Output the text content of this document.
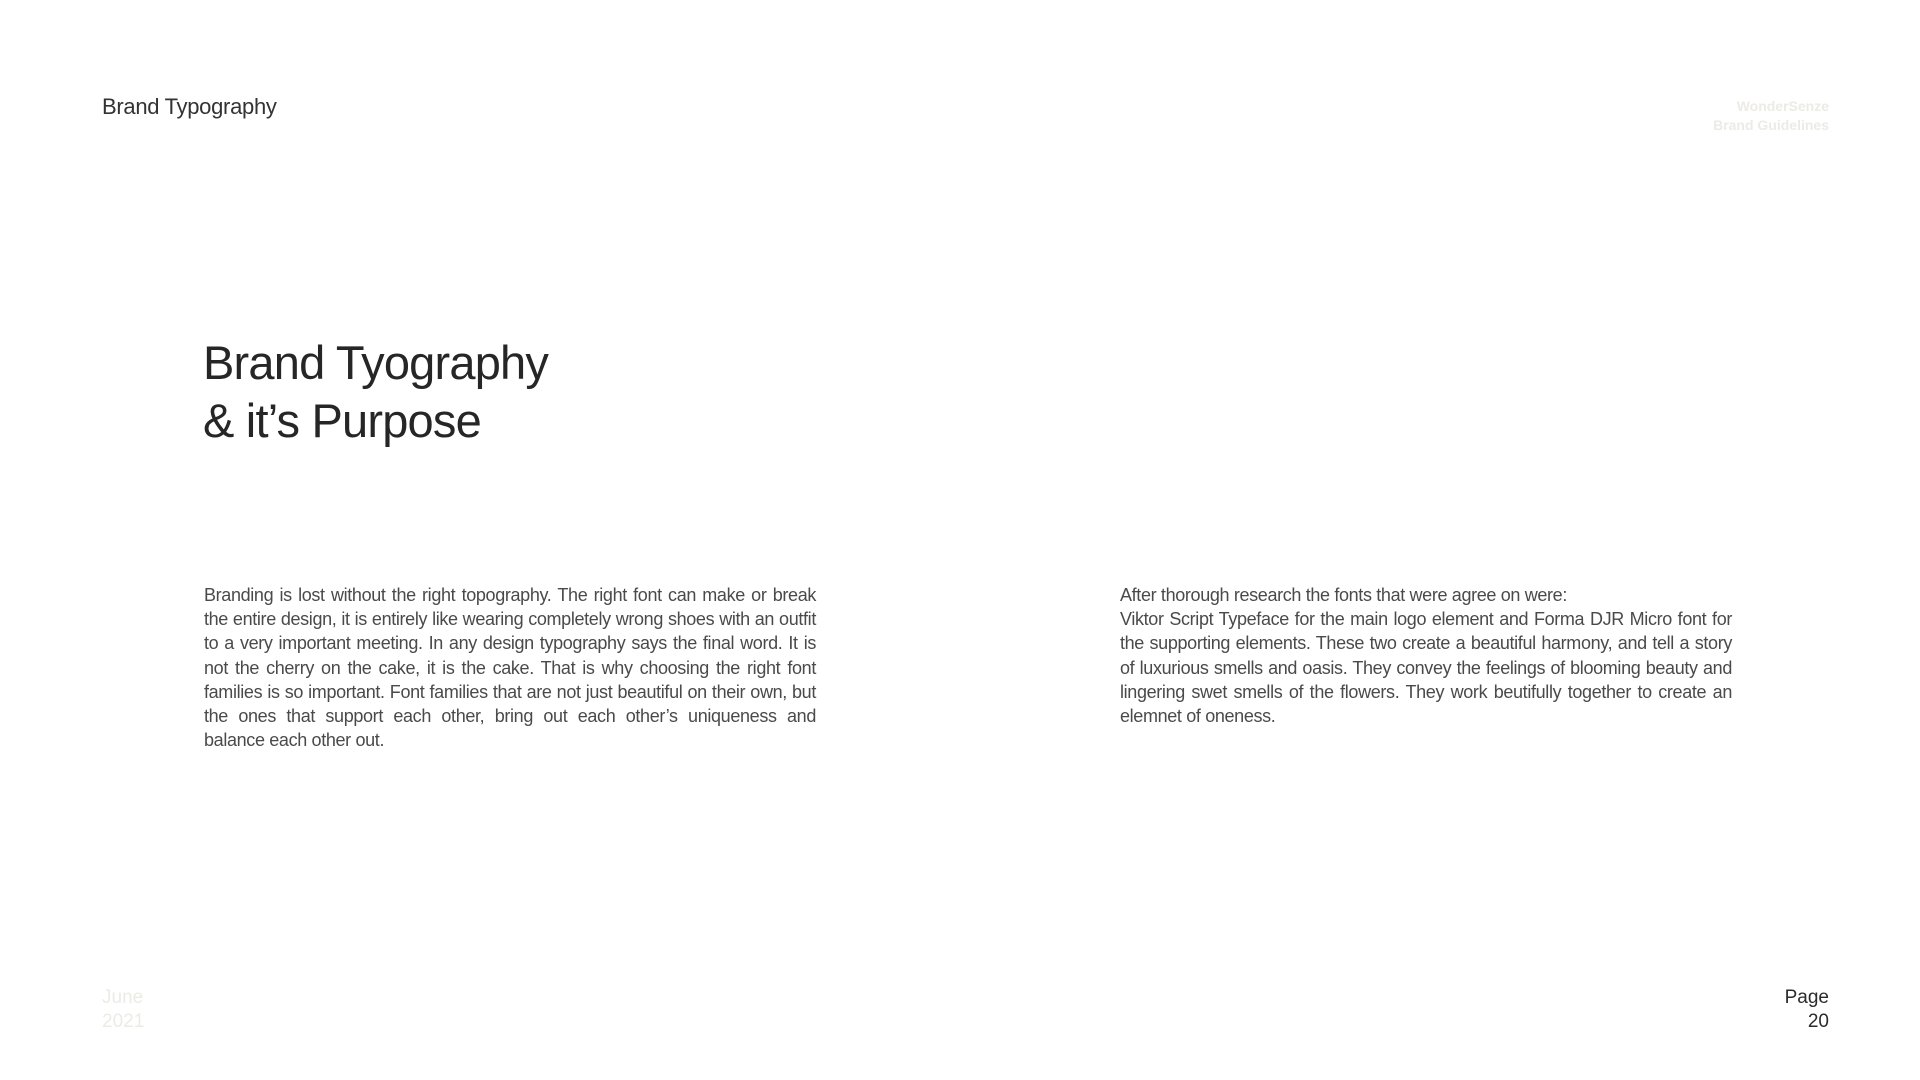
Brand Typography	WonderSenze
Brand Guidelines
Brand Tyography
& it’s Purpose

Branding is lost without the right topography. The right font can make or break the entire design, it is entirely like wearing completely wrong shoes with an outfit to a very important meeting. In any design typography says the final word. It is not the cherry on the cake, it is the cake. That is why choosing the right font families is so important. Font families that are not just beautiful on their own, but the ones that support each other, bring out each other’s uniqueness and balance each other out.

After thorough research the fonts that were agree on were:
Viktor Script Typeface for the main logo element and Forma DJR Micro font for the supporting elements. These two create a beautiful harmony, and tell a story of luxurious smells and oasis. They convey the feelings of blooming beauty and lingering swet smells of the flowers. They work beutifully together to create an elemnet of oneness.
June
2021
Page
20
